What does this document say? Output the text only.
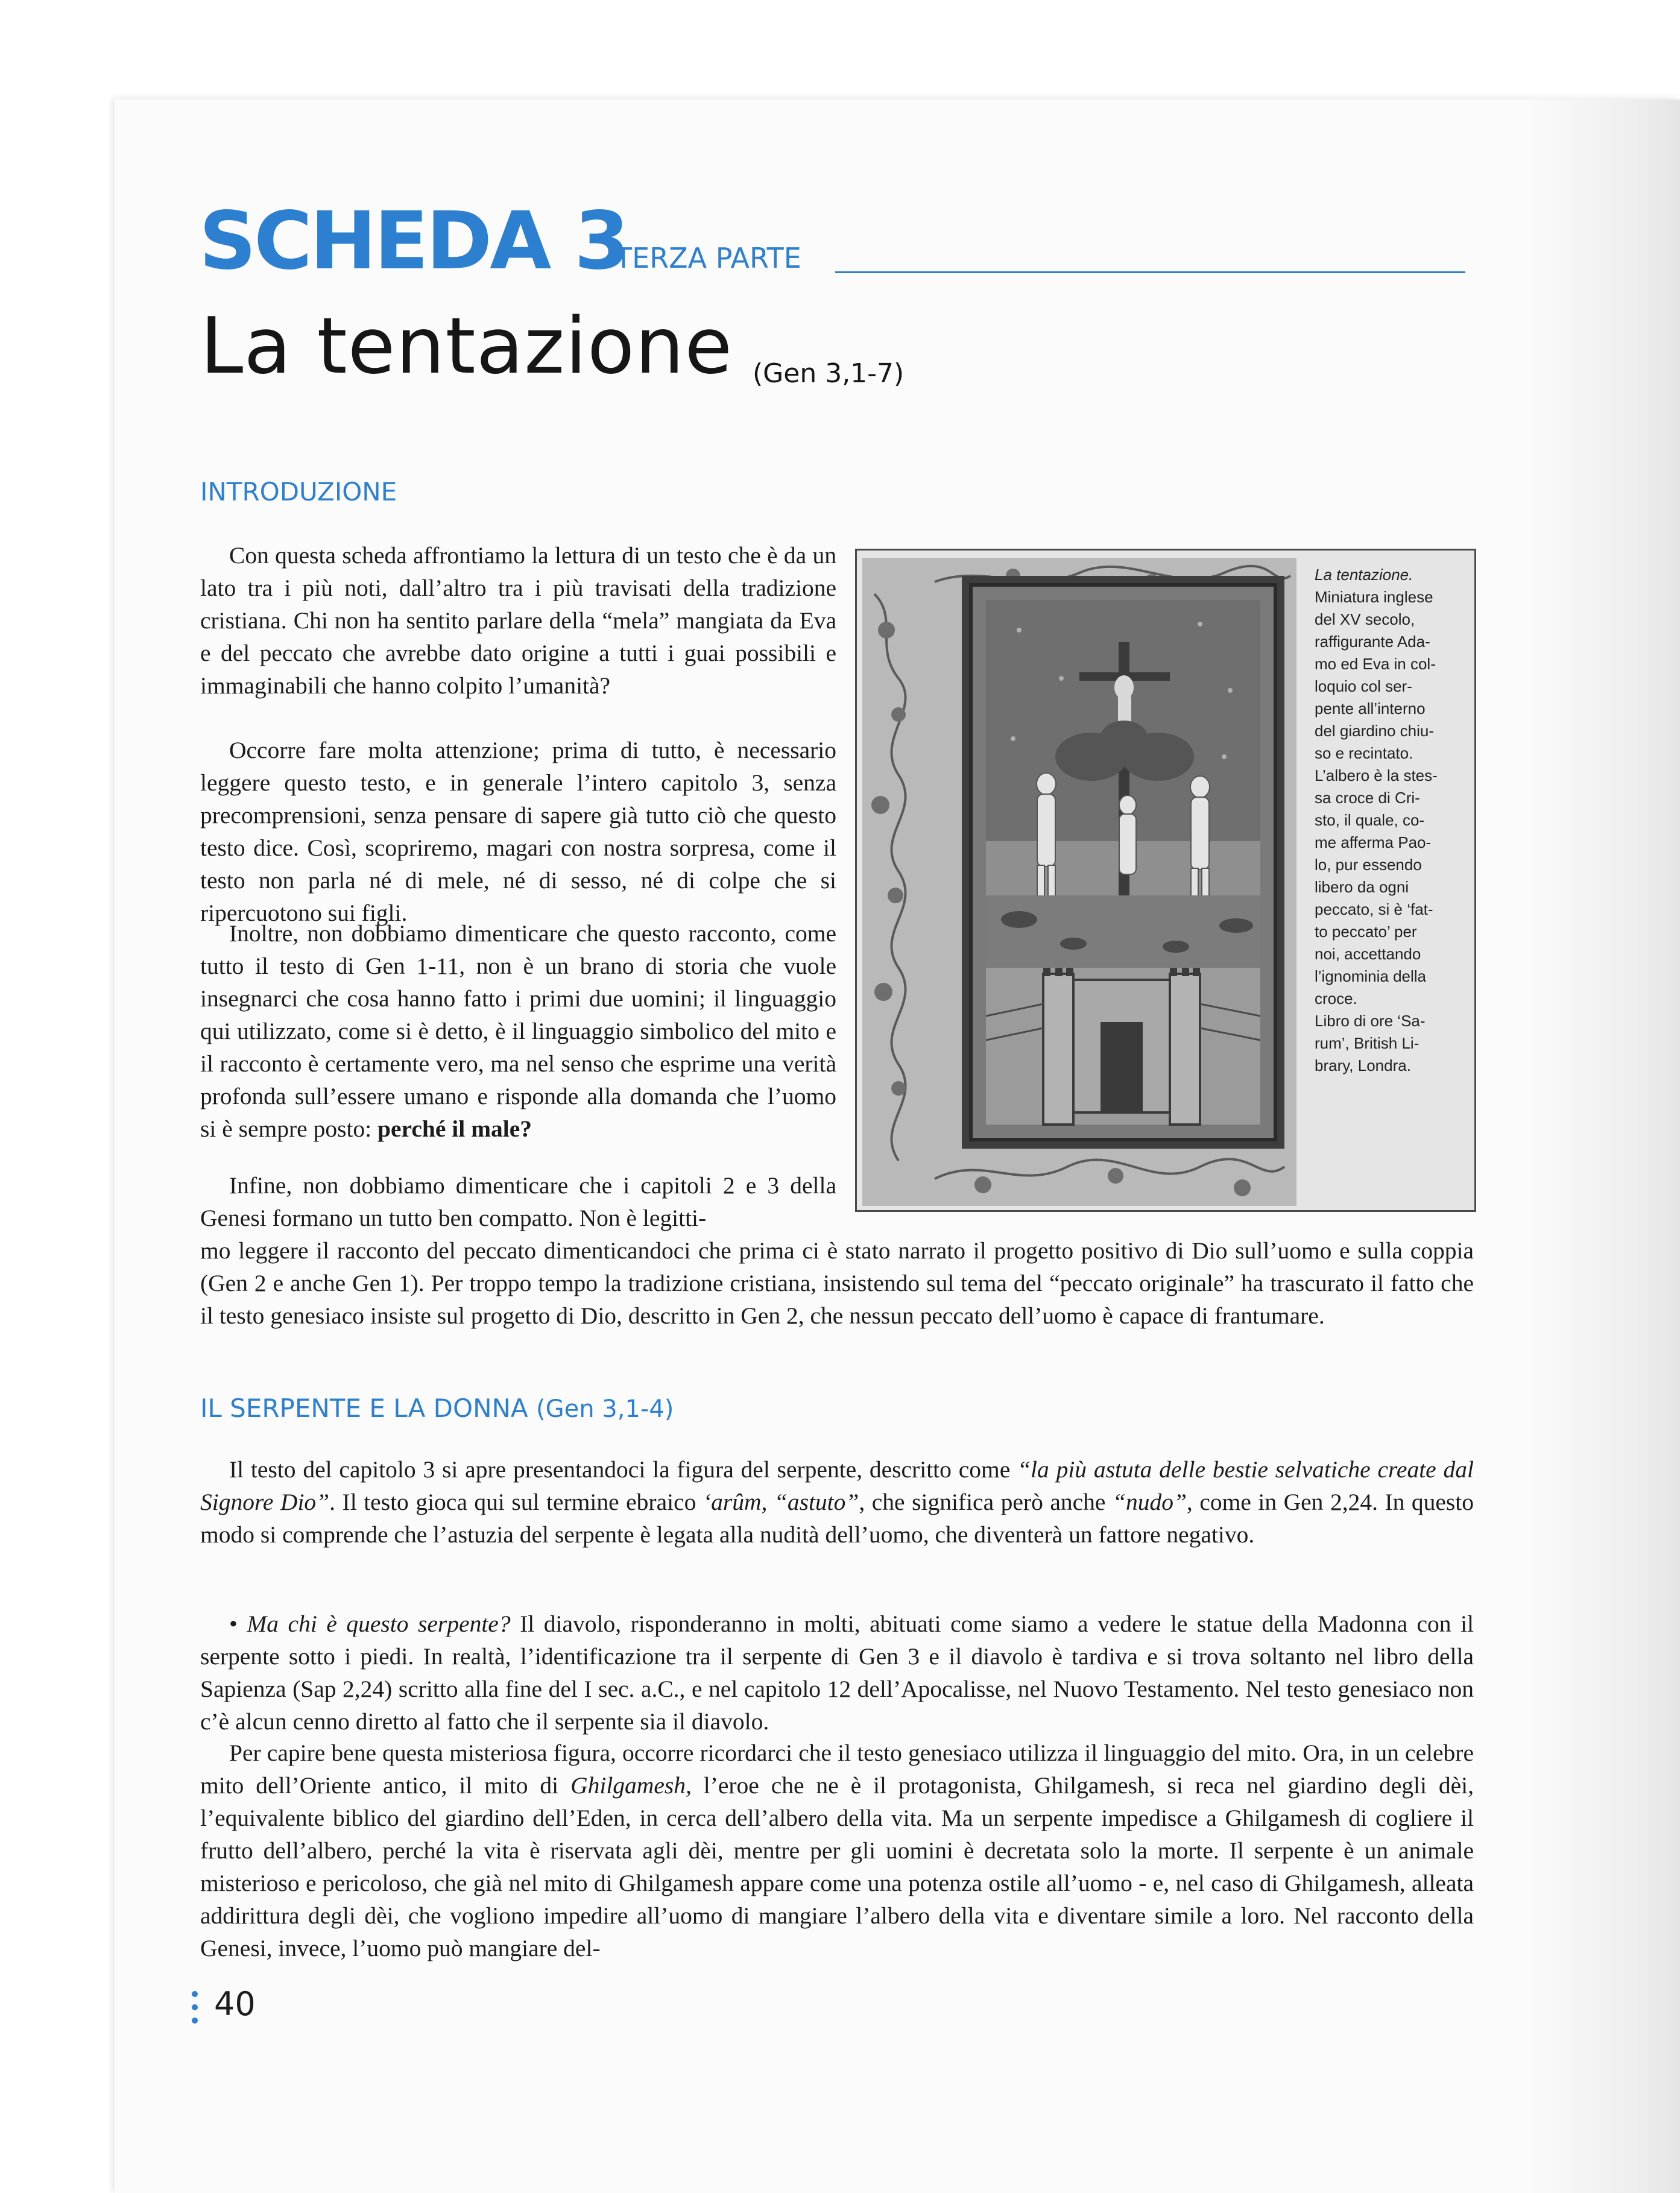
SCHEDA 3
TERZA PARTE
La tentazione (Gen 3,1-7)
INTRODUZIONE

Con questa scheda affrontiamo la lettura di un testo che è da un lato tra i più noti, dall’altro tra i più travisati della tradizione cristiana. Chi non ha sentito parlare della “mela” mangiata da Eva e del peccato che avrebbe dato origine a tutti i guai possibili e immaginabili che hanno colpito l’umanità?

Occorre fare molta attenzione; prima di tutto, è necessario leggere questo testo, e in generale l’intero capitolo 3, senza precomprensioni, senza pensare di sapere già tutto ciò che questo testo dice. Così, scopriremo, magari con nostra sorpresa, come il testo non parla né di mele, né di sesso, né di colpe che si ripercuotono sui figli.

Inoltre, non dobbiamo dimenticare che questo racconto, come tutto il testo di Gen 1-11, non è un brano di storia che vuole insegnarci che cosa hanno fatto i primi due uomini; il linguaggio qui utilizzato, come si è detto, è il linguaggio simbolico del mito e il racconto è certamente vero, ma nel senso che esprime una verità profonda sull’essere umano e risponde alla domanda che l’uomo si è sempre posto: perché il male?

Infine, non dobbiamo dimenticare che i capitoli 2 e 3 della Genesi formano un tutto ben compatto. Non è legitti-

mo leggere il racconto del peccato dimenticandoci che prima ci è stato narrato il progetto positivo di Dio sull’uomo e sulla coppia (Gen 2 e anche Gen 1). Per troppo tempo la tradizione cristiana, insistendo sul tema del “peccato originale” ha trascurato il fatto che il testo genesiaco insiste sul progetto di Dio, descritto in Gen 2, che nessun peccato dell’uomo è capace di frantumare.

La tentazione.
Miniatura inglese
del XV secolo,
raffigurante Ada-
mo ed Eva in col-
loquio col ser-
pente all’interno
del giardino chiu-
so e recintato.
L’albero è la stes-
sa croce di Cri-
sto, il quale, co-
me afferma Pao-
lo, pur essendo
libero da ogni
peccato, si è ‘fat-
to peccato’ per
noi, accettando
l’ignominia della
croce.
Libro di ore ‘Sa-
rum’, British Li-
brary, Londra.
IL SERPENTE E LA DONNA (Gen 3,1-4)

Il testo del capitolo 3 si apre presentandoci la figura del serpente, descritto come “la più astuta delle bestie selvatiche create dal Signore Dio”. Il testo gioca qui sul termine ebraico ‘arûm, “astuto”, che significa però anche “nudo”, come in Gen 2,24. In questo modo si comprende che l’astuzia del serpente è legata alla nudità dell’uomo, che diventerà un fattore negativo.

• Ma chi è questo serpente? Il diavolo, risponderanno in molti, abituati come siamo a vedere le statue della Madonna con il serpente sotto i piedi. In realtà, l’identificazione tra il serpente di Gen 3 e il diavolo è tardiva e si trova soltanto nel libro della Sapienza (Sap 2,24) scritto alla fine del I sec. a.C., e nel capitolo 12 dell’Apocalisse, nel Nuovo Testamento. Nel testo genesiaco non c’è alcun cenno diretto al fatto che il serpente sia il diavolo.

Per capire bene questa misteriosa figura, occorre ricordarci che il testo genesiaco utilizza il linguaggio del mito. Ora, in un celebre mito dell’Oriente antico, il mito di Ghilgamesh, l’eroe che ne è il protagonista, Ghilgamesh, si reca nel giardino degli dèi, l’equivalente biblico del giardino dell’Eden, in cerca dell’albero della vita. Ma un serpente impedisce a Ghilgamesh di cogliere il frutto dell’albero, perché la vita è riservata agli dèi, mentre per gli uomini è decretata solo la morte. Il serpente è un animale misterioso e pericoloso, che già nel mito di Ghilgamesh appare come una potenza ostile all’uomo - e, nel caso di Ghilgamesh, alleata addirittura degli dèi, che vogliono impedire all’uomo di mangiare l’albero della vita e diventare simile a loro. Nel racconto della Genesi, invece, l’uomo può mangiare del-

40
